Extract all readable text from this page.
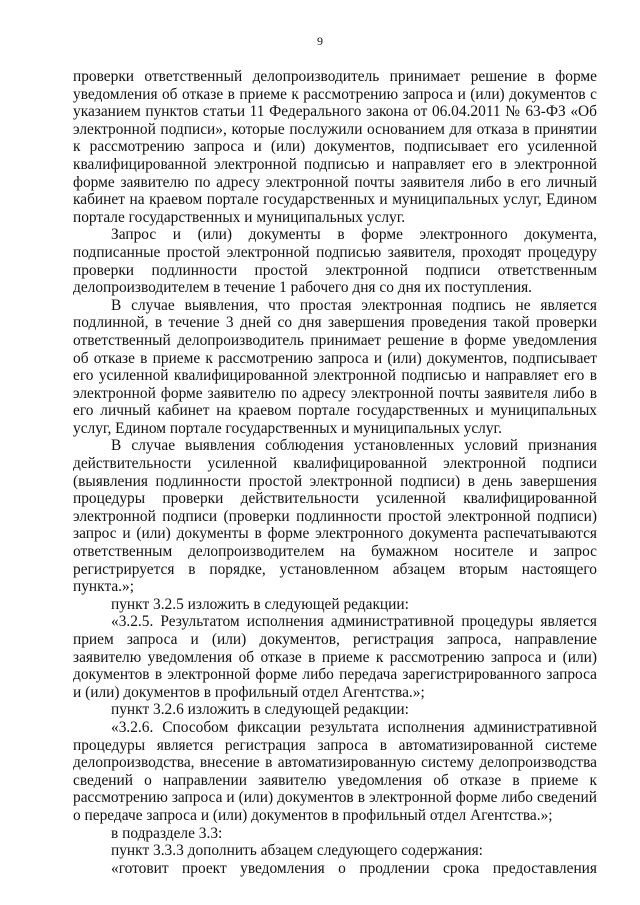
9

проверки ответственный делопроизводитель принимает решение в форме уведомления об отказе в приеме к рассмотрению запроса и (или) документов с указанием пунктов статьи 11 Федерального закона от 06.04.2011 № 63-ФЗ «Об электронной подписи», которые послужили основанием для отказа в принятии к рассмотрению запроса и (или) документов, подписывает его усиленной квалифицированной электронной подписью и направляет его в электронной форме заявителю по адресу электронной почты заявителя либо в его личный кабинет на краевом портале государственных и муниципальных услуг, Едином портале государственных и муниципальных услуг.

Запрос и (или) документы в форме электронного документа, подписанные простой электронной подписью заявителя, проходят процедуру проверки подлинности простой электронной подписи ответственным делопроизводителем в течение 1 рабочего дня со дня их поступления.

В случае выявления, что простая электронная подпись не является подлинной, в течение 3 дней со дня завершения проведения такой проверки ответственный делопроизводитель принимает решение в форме уведомления об отказе в приеме к рассмотрению запроса и (или) документов, подписывает его усиленной квалифицированной электронной подписью и направляет его в электронной форме заявителю по адресу электронной почты заявителя либо в его личный кабинет на краевом портале государственных и муниципальных услуг, Едином портале государственных и муниципальных услуг.

В случае выявления соблюдения установленных условий признания действительности усиленной квалифицированной электронной подписи (выявления подлинности простой электронной подписи) в день завершения процедуры проверки действительности усиленной квалифицированной электронной подписи (проверки подлинности простой электронной подписи) запрос и (или) документы в форме электронного документа распечатываются ответственным делопроизводителем на бумажном носителе и запрос регистрируется в порядке, установленном абзацем вторым настоящего пункта.»;

пункт 3.2.5 изложить в следующей редакции:

«3.2.5. Результатом исполнения административной процедуры является прием запроса и (или) документов, регистрация запроса, направление заявителю уведомления об отказе в приеме к рассмотрению запроса и (или) документов в электронной форме либо передача зарегистрированного запроса и (или) документов в профильный отдел Агентства.»;

пункт 3.2.6 изложить в следующей редакции:

«3.2.6. Способом фиксации результата исполнения административной процедуры является регистрация запроса в автоматизированной системе делопроизводства, внесение в автоматизированную систему делопроизводства сведений о направлении заявителю уведомления об отказе в приеме к рассмотрению запроса и (или) документов в электронной форме либо сведений о передаче запроса и (или) документов в профильный отдел Агентства.»;

в подразделе 3.3:

пункт 3.3.3 дополнить абзацем следующего содержания:

«готовит проект уведомления о продлении срока предоставления
